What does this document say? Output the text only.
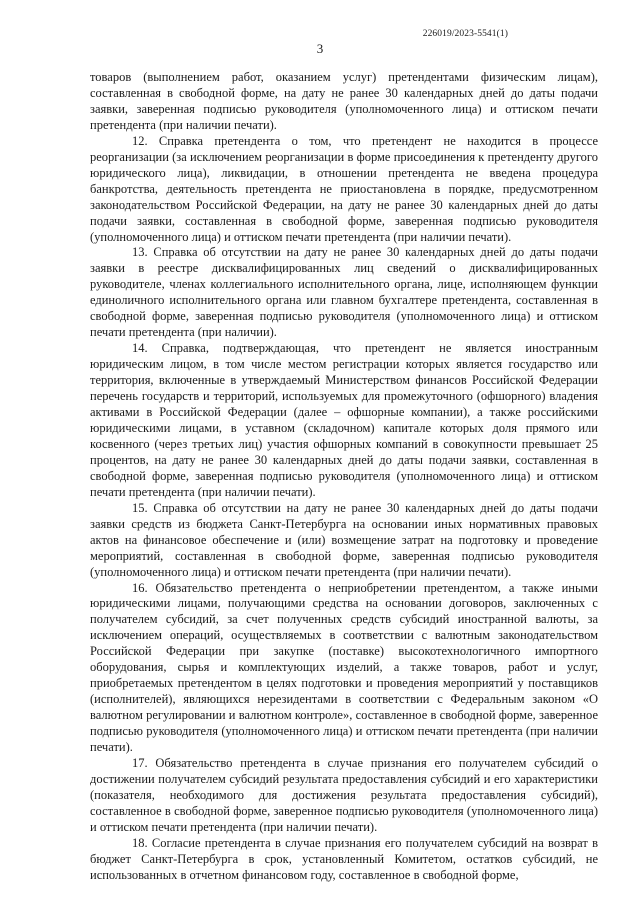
226019/2023-5541(1)
3

товаров (выполнением работ, оказанием услуг) претендентами физическим лицам), составленная в свободной форме, на дату не ранее 30 календарных дней до даты подачи заявки, заверенная подписью руководителя (уполномоченного лица) и оттиском печати претендента (при наличии печати).

12. Справка претендента о том, что претендент не находится в процессе реорганизации (за исключением реорганизации в форме присоединения к претенденту другого юридического лица), ликвидации, в отношении претендента не введена процедура банкротства, деятельность претендента не приостановлена в порядке, предусмотренном законодательством Российской Федерации, на дату не ранее 30 календарных дней до даты подачи заявки, составленная в свободной форме, заверенная подписью руководителя (уполномоченного лица) и оттиском печати претендента (при наличии печати).

13. Справка об отсутствии на дату не ранее 30 календарных дней до даты подачи заявки в реестре дисквалифицированных лиц сведений о дисквалифицированных руководителе, членах коллегиального исполнительного органа, лице, исполняющем функции единоличного исполнительного органа или главном бухгалтере претендента, составленная в свободной форме, заверенная подписью руководителя (уполномоченного лица) и оттиском печати претендента (при наличии).

14. Справка, подтверждающая, что претендент не является иностранным юридическим лицом, в том числе местом регистрации которых является государство или территория, включенные в утверждаемый Министерством финансов Российской Федерации перечень государств и территорий, используемых для промежуточного (офшорного) владения активами в Российской Федерации (далее – офшорные компании), а также российскими юридическими лицами, в уставном (складочном) капитале которых доля прямого или косвенного (через третьих лиц) участия офшорных компаний в совокупности превышает 25 процентов, на дату не ранее 30 календарных дней до даты подачи заявки, составленная в свободной форме, заверенная подписью руководителя (уполномоченного лица) и оттиском печати претендента (при наличии печати).

15. Справка об отсутствии на дату не ранее 30 календарных дней до даты подачи заявки средств из бюджета Санкт-Петербурга на основании иных нормативных правовых актов на финансовое обеспечение и (или) возмещение затрат на подготовку и проведение мероприятий, составленная в свободной форме, заверенная подписью руководителя (уполномоченного лица) и оттиском печати претендента (при наличии печати).

16. Обязательство претендента о неприобретении претендентом, а также иными юридическими лицами, получающими средства на основании договоров, заключенных с получателем субсидий, за счет полученных средств субсидий иностранной валюты, за исключением операций, осуществляемых в соответствии с валютным законодательством Российской Федерации при закупке (поставке) высокотехнологичного импортного оборудования, сырья и комплектующих изделий, а также товаров, работ и услуг, приобретаемых претендентом в целях подготовки и проведения мероприятий у поставщиков (исполнителей), являющихся нерезидентами в соответствии с Федеральным законом «О валютном регулировании и валютном контроле», составленное в свободной форме, заверенное подписью руководителя (уполномоченного лица) и оттиском печати претендента (при наличии печати).

17. Обязательство претендента в случае признания его получателем субсидий о достижении получателем субсидий результата предоставления субсидий и его характеристики (показателя, необходимого для достижения результата предоставления субсидий), составленное в свободной форме, заверенное подписью руководителя (уполномоченного лица) и оттиском печати претендента (при наличии печати).

18. Согласие претендента в случае признания его получателем субсидий на возврат в бюджет Санкт-Петербурга в срок, установленный Комитетом, остатков субсидий, не использованных в отчетном финансовом году, составленное в свободной форме,
